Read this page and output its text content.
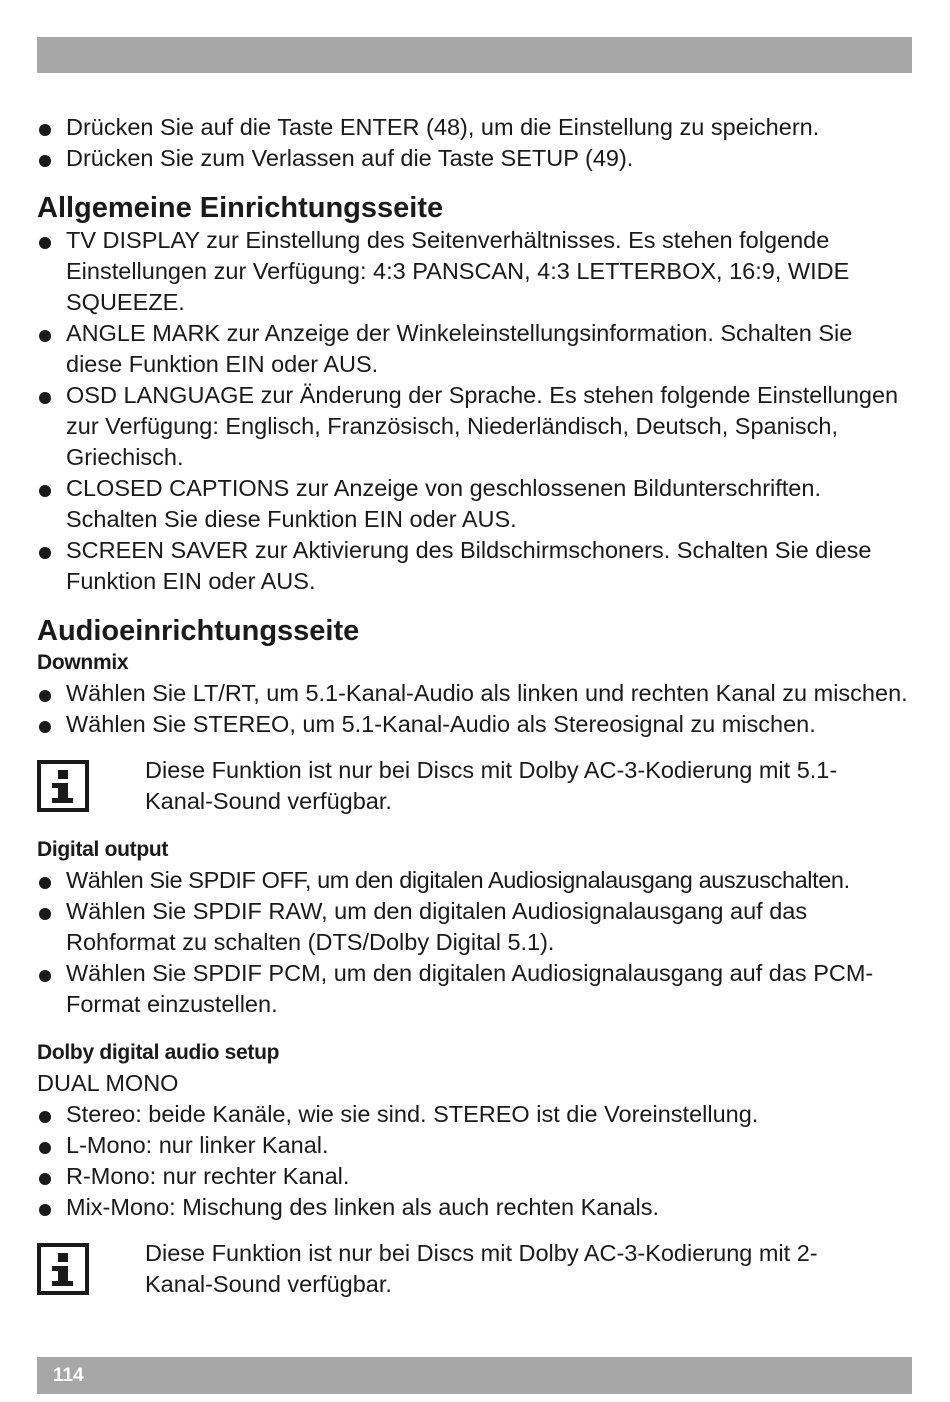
Drücken Sie auf die Taste ENTER (48), um die Einstellung zu speichern.
Drücken Sie zum Verlassen auf die Taste SETUP (49).
Allgemeine Einrichtungsseite
TV DISPLAY zur Einstellung des Seitenverhältnisses. Es stehen folgende Einstellungen zur Verfügung: 4:3 PANSCAN, 4:3 LETTERBOX, 16:9, WIDE SQUEEZE.
ANGLE MARK zur Anzeige der Winkeleinstellungsinformation. Schalten Sie diese Funktion EIN oder AUS.
OSD LANGUAGE zur Änderung der Sprache. Es stehen folgende Einstellungen zur Verfügung: Englisch, Französisch, Niederländisch, Deutsch, Spanisch, Griechisch.
CLOSED CAPTIONS zur Anzeige von geschlossenen Bildunterschriften. Schalten Sie diese Funktion EIN oder AUS.
SCREEN SAVER zur Aktivierung des Bildschirmschoners. Schalten Sie diese Funktion EIN oder AUS.
Audioeinrichtungsseite
Downmix
Wählen Sie LT/RT, um 5.1-Kanal-Audio als linken und rechten Kanal zu mischen.
Wählen Sie STEREO, um 5.1-Kanal-Audio als Stereosignal zu mischen.
Diese Funktion ist nur bei Discs mit Dolby AC-3-Kodierung mit 5.1-Kanal-Sound verfügbar.
Digital output
Wählen Sie SPDIF OFF, um den digitalen Audiosignalausgang auszuschalten.
Wählen Sie SPDIF RAW, um den digitalen Audiosignalausgang auf das Rohformat zu schalten (DTS/Dolby Digital 5.1).
Wählen Sie SPDIF PCM, um den digitalen Audiosignalausgang auf das PCM-Format einzustellen.
Dolby digital audio setup

DUAL MONO

Stereo: beide Kanäle, wie sie sind. STEREO ist die Voreinstellung.
L-Mono: nur linker Kanal.
R-Mono: nur rechter Kanal.
Mix-Mono: Mischung des linken als auch rechten Kanals.
Diese Funktion ist nur bei Discs mit Dolby AC-3-Kodierung mit 2-Kanal-Sound verfügbar.
114
